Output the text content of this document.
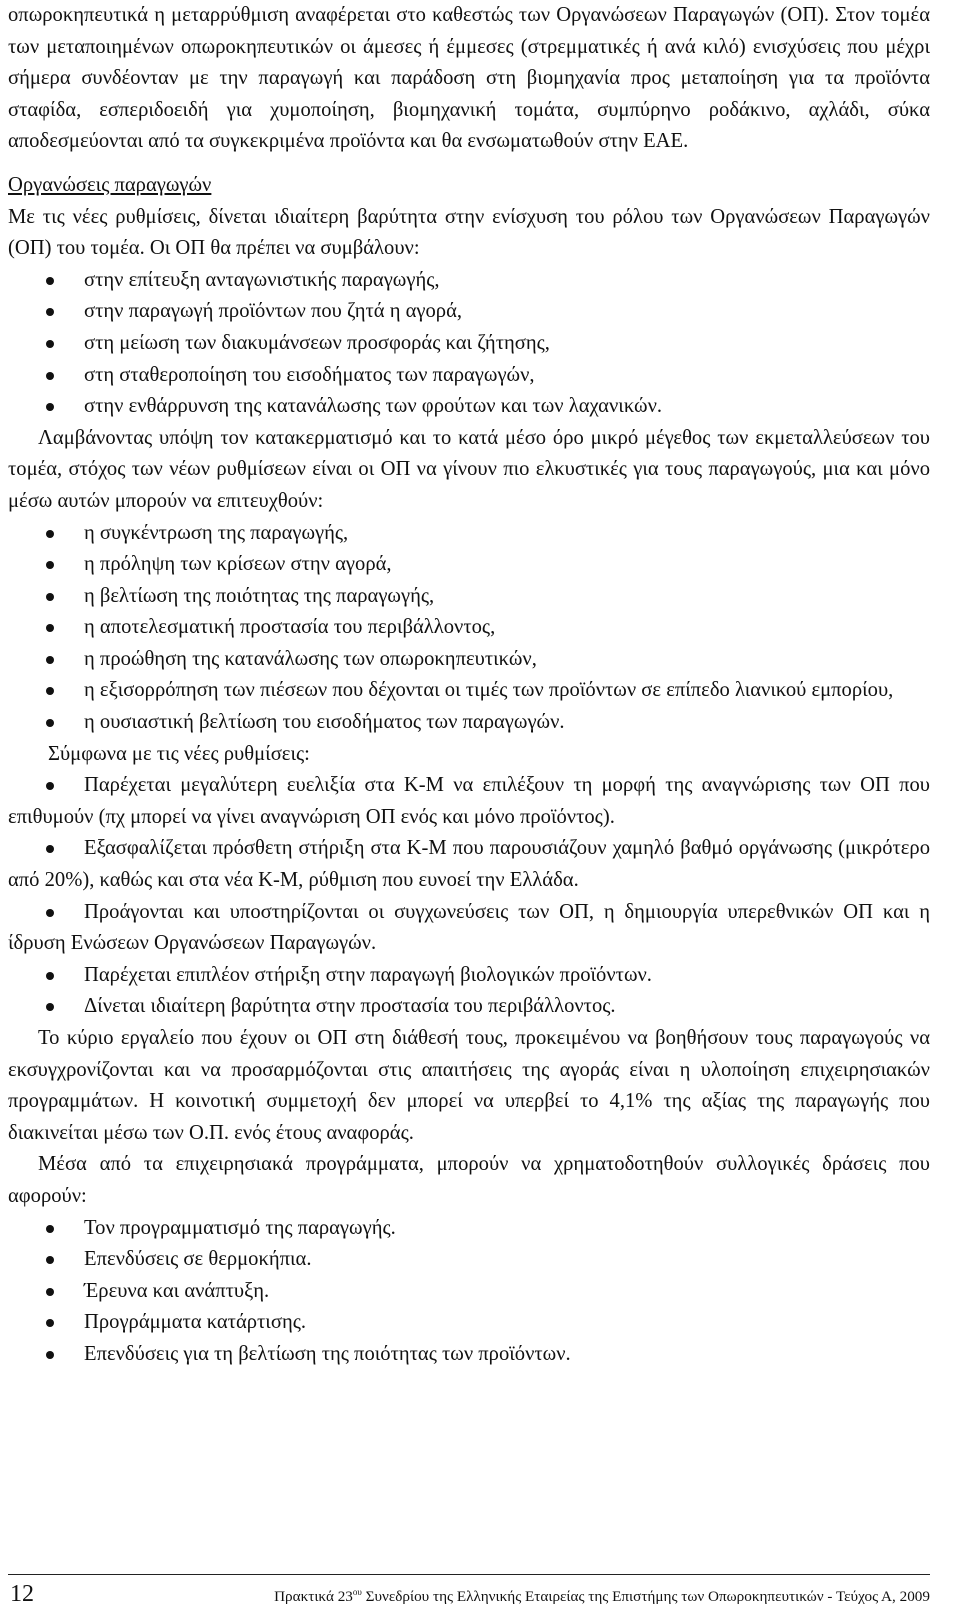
οπωροκηπευτικά η μεταρρύθμιση αναφέρεται στο καθεστώς των Οργανώσεων Παραγωγών (ΟΠ). Στον τομέα των μεταποιημένων οπωροκηπευτικών οι άμεσες ή έμμεσες (στρεμματικές ή ανά κιλό) ενισχύσεις που μέχρι σήμερα συνδέονταν με την παραγωγή και παράδοση στη βιομηχανία προς μεταποίηση για τα προϊόντα σταφίδα, εσπεριδοειδή για χυμοποίηση, βιομηχανική τομάτα, συμπύρηνο ροδάκινο, αχλάδι, σύκα αποδεσμεύονται από τα συγκεκριμένα προϊόντα και θα ενσωματωθούν στην ΕΑΕ.

Οργανώσεις παραγωγών

Με τις νέες ρυθμίσεις, δίνεται ιδιαίτερη βαρύτητα στην ενίσχυση του ρόλου των Οργανώσεων Παραγωγών (ΟΠ) του τομέα. Οι ΟΠ θα πρέπει να συμβάλουν:

στην επίτευξη ανταγωνιστικής παραγωγής,
στην παραγωγή προϊόντων που ζητά η αγορά,
στη μείωση των διακυμάνσεων προσφοράς και ζήτησης,
στη σταθεροποίηση του εισοδήματος των παραγωγών,
στην ενθάρρυνση της κατανάλωσης των φρούτων και των λαχανικών.

Λαμβάνοντας υπόψη τον κατακερματισμό και το κατά μέσο όρο μικρό μέγεθος των εκμεταλλεύσεων του τομέα, στόχος των νέων ρυθμίσεων είναι οι ΟΠ να γίνουν πιο ελκυστικές για τους παραγωγούς, μια και μόνο μέσω αυτών μπορούν να επιτευχθούν:

η συγκέντρωση της παραγωγής,
η πρόληψη των κρίσεων στην αγορά,
η βελτίωση της ποιότητας της παραγωγής,
η αποτελεσματική προστασία του περιβάλλοντος,
η προώθηση της κατανάλωσης των οπωροκηπευτικών,
η εξισορρόπηση των πιέσεων που δέχονται οι τιμές των προϊόντων σε επίπεδο λιανικού εμπορίου,
η ουσιαστική βελτίωση του εισοδήματος των παραγωγών.

Σύμφωνα με τις νέες ρυθμίσεις:

Παρέχεται μεγαλύτερη ευελιξία στα Κ-Μ να επιλέξουν τη μορφή της αναγνώρισης των ΟΠ που επιθυμούν (πχ μπορεί να γίνει αναγνώριση ΟΠ ενός και μόνο προϊόντος).
Εξασφαλίζεται πρόσθετη στήριξη στα Κ-Μ που παρουσιάζουν χαμηλό βαθμό οργάνωσης (μικρότερο από 20%), καθώς και στα νέα Κ-Μ, ρύθμιση που ευνοεί την Ελλάδα.
Προάγονται και υποστηρίζονται οι συγχωνεύσεις των ΟΠ, η δημιουργία υπερεθνικών ΟΠ και η ίδρυση Ενώσεων Οργανώσεων Παραγωγών.
Παρέχεται επιπλέον στήριξη στην παραγωγή βιολογικών προϊόντων.
Δίνεται ιδιαίτερη βαρύτητα στην προστασία του περιβάλλοντος.

Το κύριο εργαλείο που έχουν οι ΟΠ στη διάθεσή τους, προκειμένου να βοηθήσουν τους παραγωγούς να εκσυγχρονίζονται και να προσαρμόζονται στις απαιτήσεις της αγοράς είναι η υλοποίηση επιχειρησιακών προγραμμάτων. Η κοινοτική συμμετοχή δεν μπορεί να υπερβεί το 4,1% της αξίας της παραγωγής που διακινείται μέσω των Ο.Π. ενός έτους αναφοράς.

Μέσα από τα επιχειρησιακά προγράμματα, μπορούν να χρηματοδοτηθούν συλλογικές δράσεις που αφορούν:

Τον προγραμματισμό της παραγωγής.
Επενδύσεις σε θερμοκήπια.
Έρευνα και ανάπτυξη.
Προγράμματα κατάρτισης.
Επενδύσεις για τη βελτίωση της ποιότητας των προϊόντων.
12	Πρακτικά $23^{o\upsilon}$ Συνεδρίου της Ελληνικής Εταιρείας της Επιστήμης των Οπωροκηπευτικών - Τεύχος Α, 2009
